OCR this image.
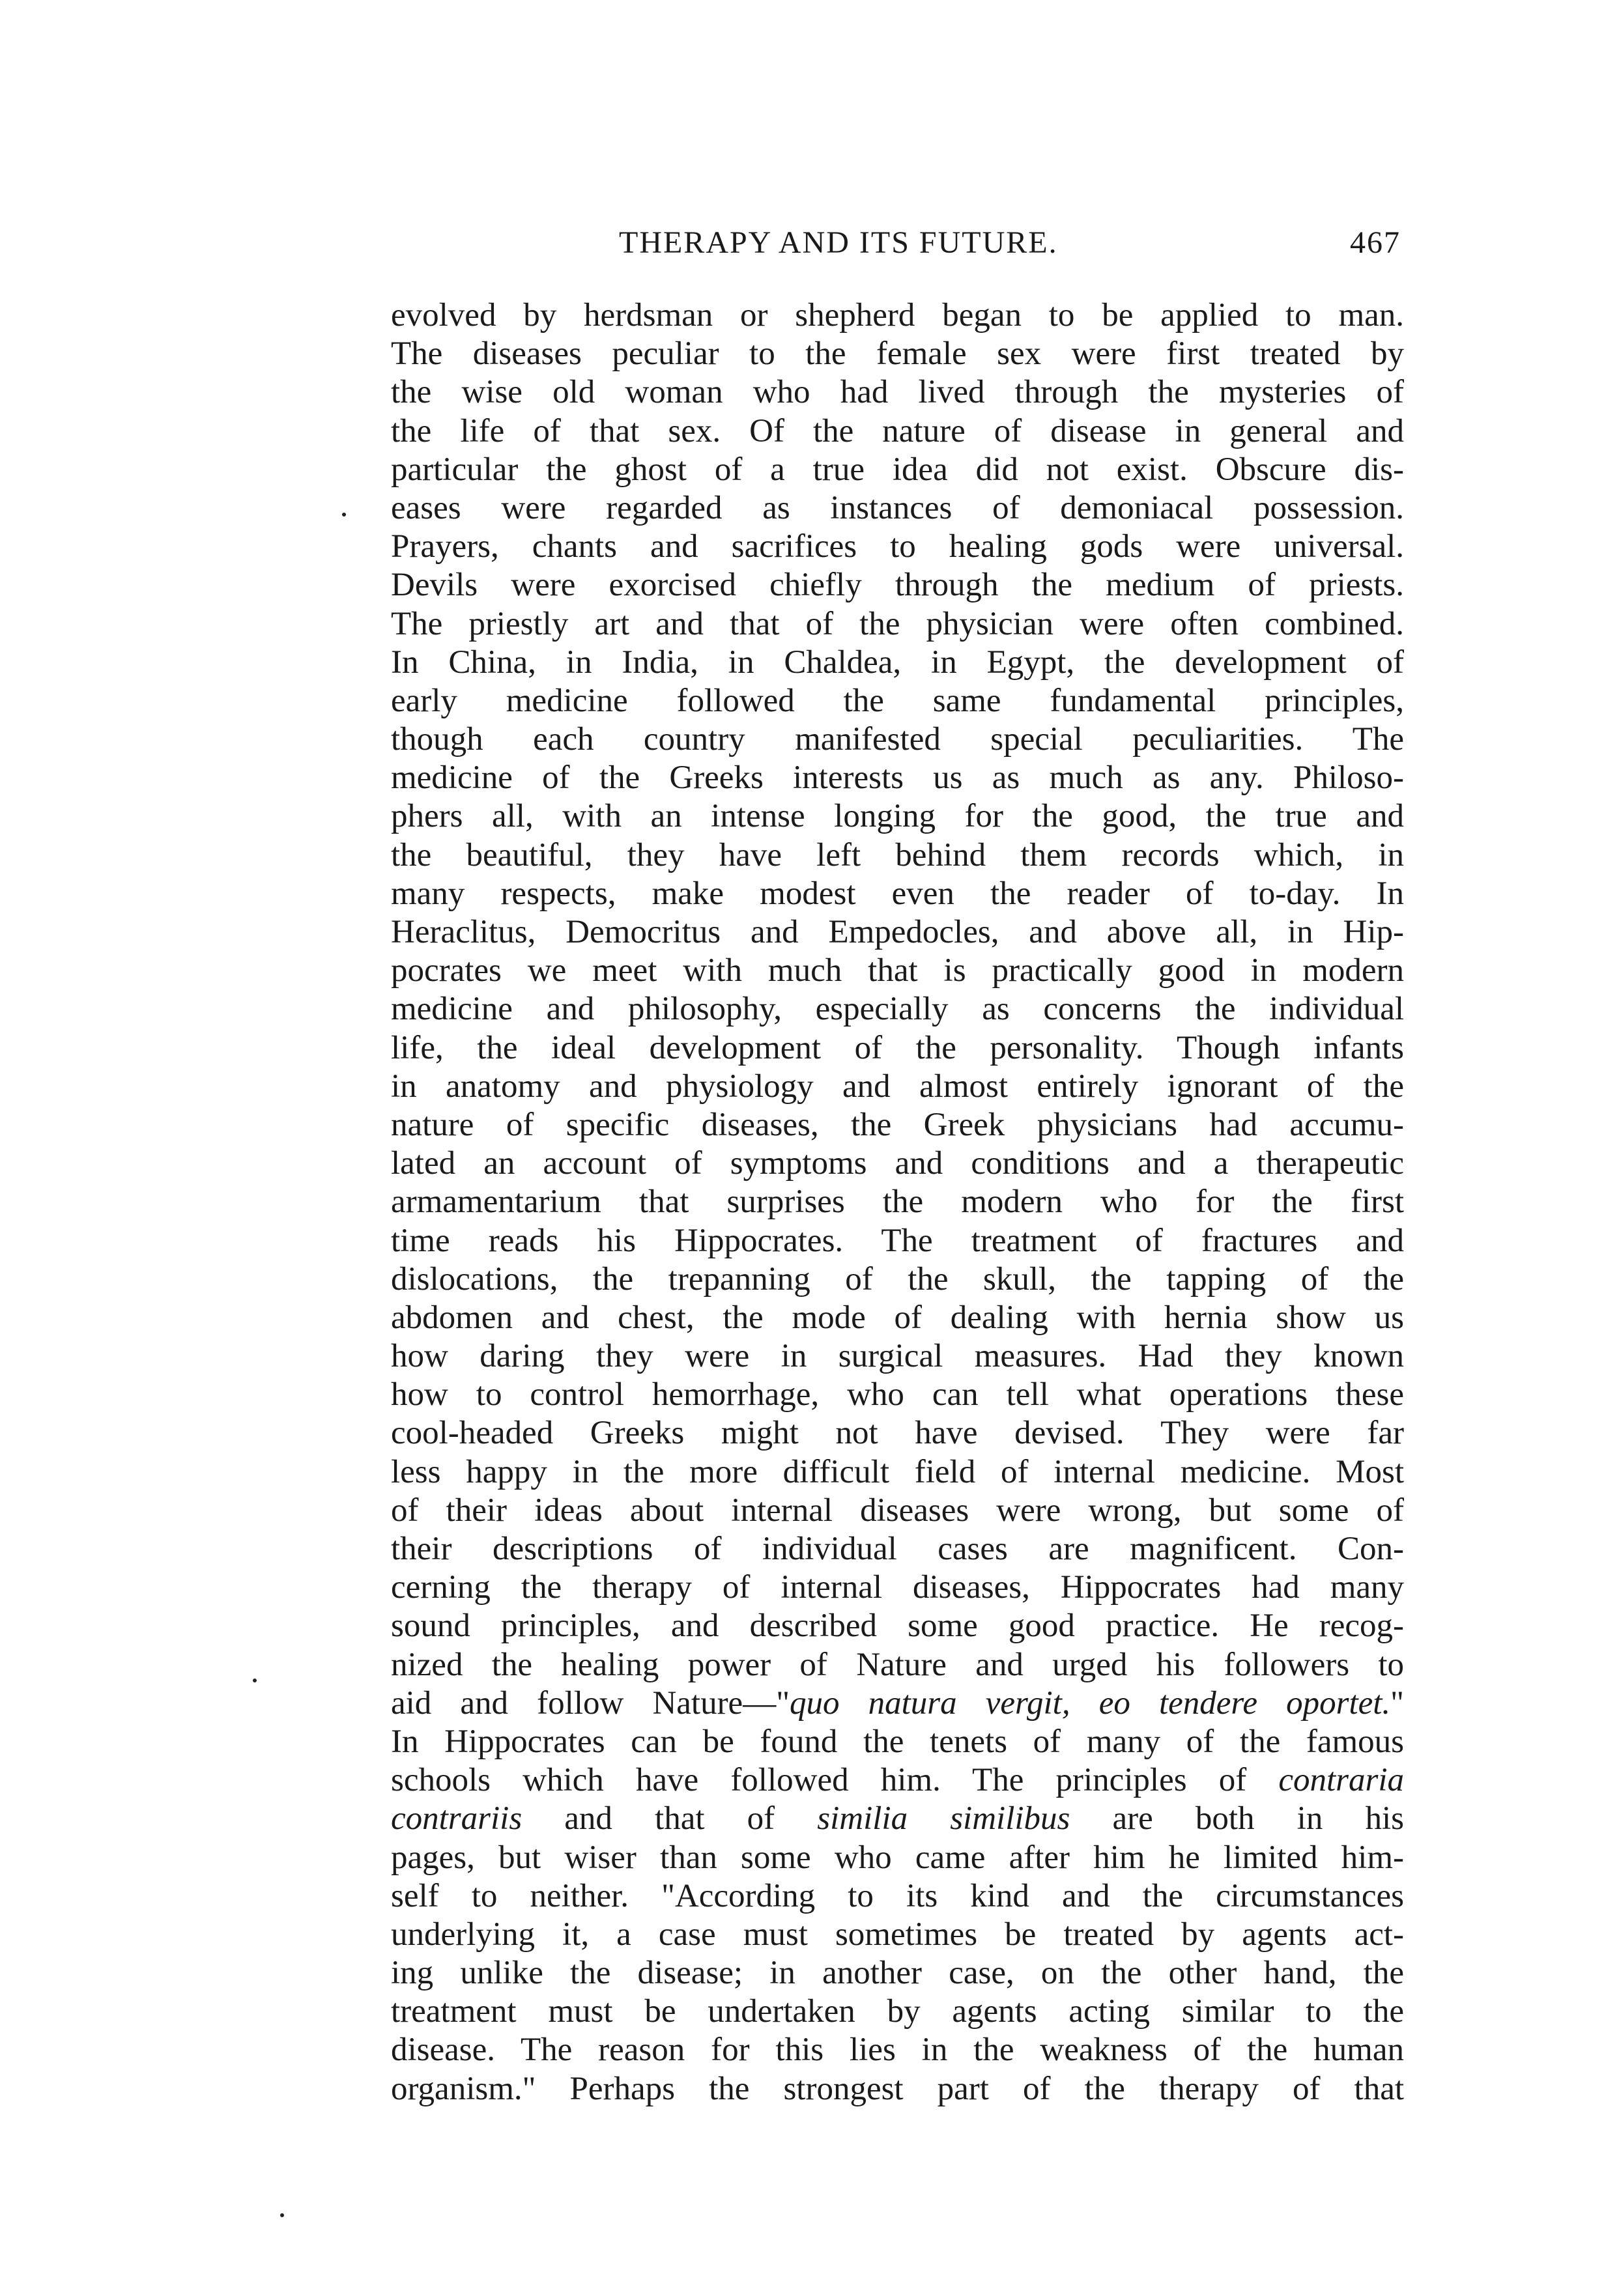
THERAPY AND ITS FUTURE.	467
evolved by herdsman or shepherd began to be applied to man.
The diseases peculiar to the female sex were first treated by
the wise old woman who had lived through the mysteries of
the life of that sex. Of the nature of disease in general and
particular the ghost of a true idea did not exist. Obscure dis-
eases were regarded as instances of demoniacal possession.
Prayers, chants and sacrifices to healing gods were universal.
Devils were exorcised chiefly through the medium of priests.
The priestly art and that of the physician were often combined.
In China, in India, in Chaldea, in Egypt, the development of
early medicine followed the same fundamental principles,
though each country manifested special peculiarities. The
medicine of the Greeks interests us as much as any. Philoso-
phers all, with an intense longing for the good, the true and
the beautiful, they have left behind them records which, in
many respects, make modest even the reader of to-day. In
Heraclitus, Democritus and Empedocles, and above all, in Hip-
pocrates we meet with much that is practically good in modern
medicine and philosophy, especially as concerns the individual
life, the ideal development of the personality. Though infants
in anatomy and physiology and almost entirely ignorant of the
nature of specific diseases, the Greek physicians had accumu-
lated an account of symptoms and conditions and a therapeutic
armamentarium that surprises the modern who for the first
time reads his Hippocrates. The treatment of fractures and
dislocations, the trepanning of the skull, the tapping of the
abdomen and chest, the mode of dealing with hernia show us
how daring they were in surgical measures. Had they known
how to control hemorrhage, who can tell what operations these
cool-headed Greeks might not have devised. They were far
less happy in the more difficult field of internal medicine. Most
of their ideas about internal diseases were wrong, but some of
their descriptions of individual cases are magnificent. Con-
cerning the therapy of internal diseases, Hippocrates had many
sound principles, and described some good practice. He recog-
nized the healing power of Nature and urged his followers to
aid and follow Nature—"quo natura vergit, eo tendere oportet."
In Hippocrates can be found the tenets of many of the famous
schools which have followed him. The principles of contraria
contrariis and that of similia similibus are both in his
pages, but wiser than some who came after him he limited him-
self to neither. "According to its kind and the circumstances
underlying it, a case must sometimes be treated by agents act-
ing unlike the disease; in another case, on the other hand, the
treatment must be undertaken by agents acting similar to the
disease. The reason for this lies in the weakness of the human
organism." Perhaps the strongest part of the therapy of that
